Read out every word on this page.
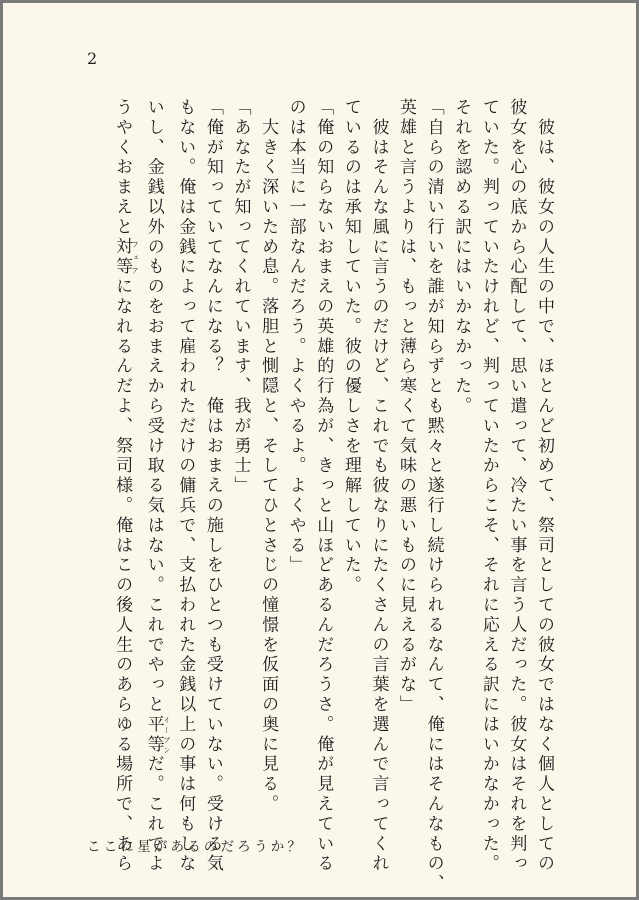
2
　彼は、彼女の人生の中で、ほとんど初めて、祭司としての彼女ではなく個人としての
彼女を心の底から心配して、思い遣って、冷たい事を言う人だった。彼女はそれを判っ
ていた。判っていたけれど、判っていたからこそ、それに応える訳にはいかなかった。
それを認める訳にはいかなかった。
「自らの清い行いを誰が知らずとも黙々と遂行し続けられるなんて、俺にはそんなもの、
英雄と言うよりは、もっと薄ら寒くて気味の悪いものに見えるがな」
　彼はそんな風に言うのだけど、これでも彼なりにたくさんの言葉を選んで言ってくれ
ているのは承知していた。彼の優しさを理解していた。
「俺の知らないおまえの英雄的行為が、きっと山ほどあるんだろうさ。俺が見えている
のは本当に一部なんだろう。よくやるよ。よくやる」
　大きく深いため息。落胆と惻隠と、そしてひとさじの憧憬を仮面の奥に見る。
「あなたが知ってくれています、我が勇士」
「俺が知っていてなんになる？　俺はおまえの施しをひとつも受けていない。受ける気
もない。俺は金銭によって雇われただけの傭兵で、支払われた金銭以上の事は何もしな
いし、金銭以外のものをおまえから受け取る気はない。これでやっと平等 イーブンだ。これでよ
うやくおまえと対等 フェアになれるんだよ、祭司様。俺はこの後人生のあらゆる場所で、あら
ここに星があるのだろうか？
